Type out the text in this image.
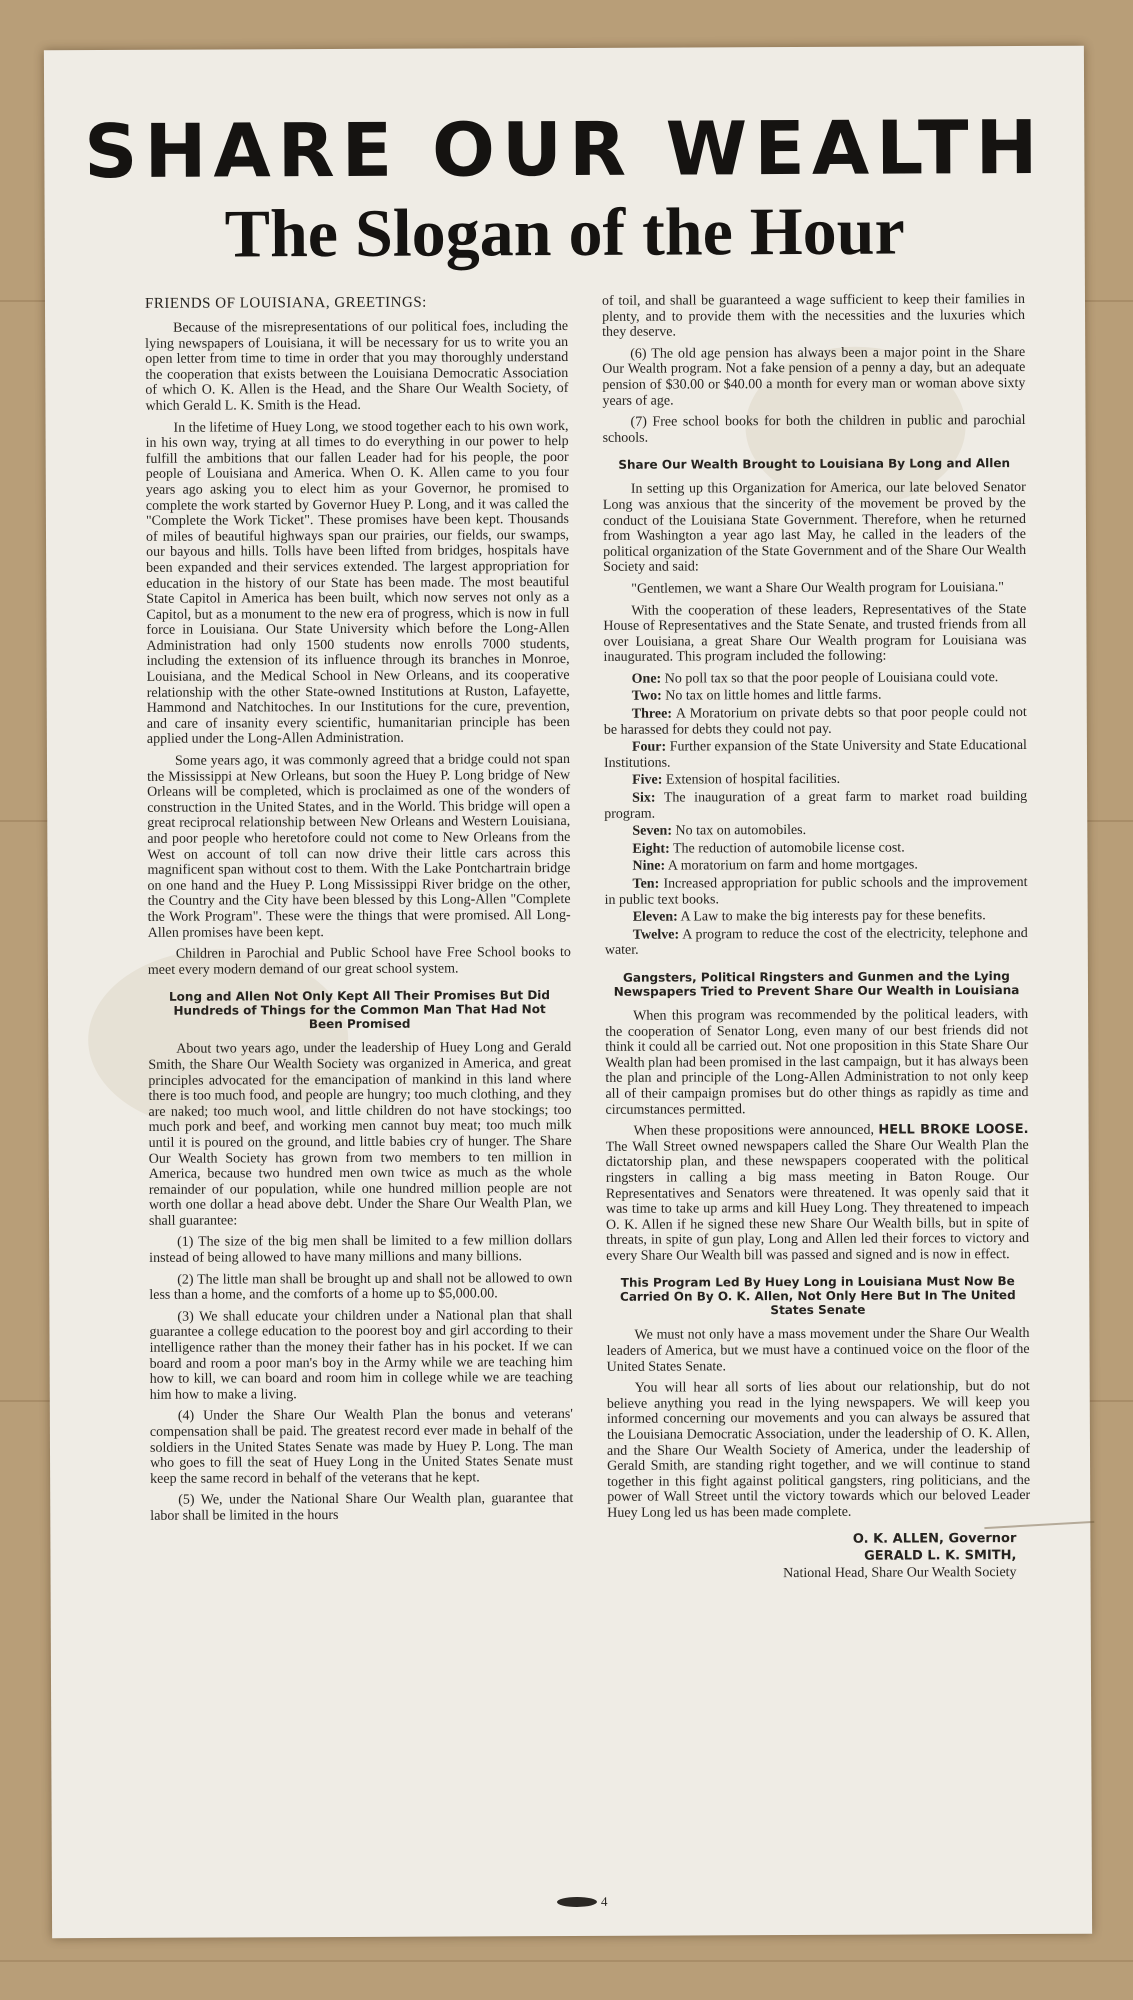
SHARE OUR WEALTH
The Slogan of the Hour
FRIENDS OF LOUISIANA, GREETINGS:

Because of the misrepresentations of our political foes, including the lying newspapers of Louisiana, it will be necessary for us to write you an open letter from time to time in order that you may thoroughly understand the cooperation that exists between the Louisiana Democratic Association of which O. K. Allen is the Head, and the Share Our Wealth Society, of which Gerald L. K. Smith is the Head.

In the lifetime of Huey Long, we stood together each to his own work, in his own way, trying at all times to do everything in our power to help fulfill the ambitions that our fallen Leader had for his people, the poor people of Louisiana and America. When O. K. Allen came to you four years ago asking you to elect him as your Governor, he promised to complete the work started by Governor Huey P. Long, and it was called the "Complete the Work Ticket". These promises have been kept. Thousands of miles of beautiful highways span our prairies, our fields, our swamps, our bayous and hills. Tolls have been lifted from bridges, hospitals have been expanded and their services extended. The largest appropriation for education in the history of our State has been made. The most beautiful State Capitol in America has been built, which now serves not only as a Capitol, but as a monument to the new era of progress, which is now in full force in Louisiana. Our State University which before the Long-Allen Administration had only 1500 students now enrolls 7000 students, including the extension of its influence through its branches in Monroe, Louisiana, and the Medical School in New Orleans, and its cooperative relationship with the other State-owned Institutions at Ruston, Lafayette, Hammond and Natchitoches. In our Institutions for the cure, prevention, and care of insanity every scientific, humanitarian principle has been applied under the Long-Allen Administration.

Some years ago, it was commonly agreed that a bridge could not span the Mississippi at New Orleans, but soon the Huey P. Long bridge of New Orleans will be completed, which is proclaimed as one of the wonders of construction in the United States, and in the World. This bridge will open a great reciprocal relationship between New Orleans and Western Louisiana, and poor people who heretofore could not come to New Orleans from the West on account of toll can now drive their little cars across this magnificent span without cost to them. With the Lake Pontchartrain bridge on one hand and the Huey P. Long Mississippi River bridge on the other, the Country and the City have been blessed by this Long-Allen "Complete the Work Program". These were the things that were promised. All Long-Allen promises have been kept.

Children in Parochial and Public School have Free School books to meet every modern demand of our great school system.

Long and Allen Not Only Kept All Their Promises But Did Hundreds of Things for the Common Man That Had Not Been Promised

About two years ago, under the leadership of Huey Long and Gerald Smith, the Share Our Wealth Society was organized in America, and great principles advocated for the emancipation of mankind in this land where there is too much food, and people are hungry; too much clothing, and they are naked; too much wool, and little children do not have stockings; too much pork and beef, and working men cannot buy meat; too much milk until it is poured on the ground, and little babies cry of hunger. The Share Our Wealth Society has grown from two members to ten million in America, because two hundred men own twice as much as the whole remainder of our population, while one hundred million people are not worth one dollar a head above debt. Under the Share Our Wealth Plan, we shall guarantee:

(1) The size of the big men shall be limited to a few million dollars instead of being allowed to have many millions and many billions.

(2) The little man shall be brought up and shall not be allowed to own less than a home, and the comforts of a home up to $5,000.00.

(3) We shall educate your children under a National plan that shall guarantee a college education to the poorest boy and girl according to their intelligence rather than the money their father has in his pocket. If we can board and room a poor man's boy in the Army while we are teaching him how to kill, we can board and room him in college while we are teaching him how to make a living.

(4) Under the Share Our Wealth Plan the bonus and veterans' compensation shall be paid. The greatest record ever made in behalf of the soldiers in the United States Senate was made by Huey P. Long. The man who goes to fill the seat of Huey Long in the United States Senate must keep the same record in behalf of the veterans that he kept.

(5) We, under the National Share Our Wealth plan, guarantee that labor shall be limited in the hours

of toil, and shall be guaranteed a wage sufficient to keep their families in plenty, and to provide them with the necessities and the luxuries which they deserve.

(6) The old age pension has always been a major point in the Share Our Wealth program. Not a fake pension of a penny a day, but an adequate pension of $30.00 or $40.00 a month for every man or woman above sixty years of age.

(7) Free school books for both the children in public and parochial schools.

Share Our Wealth Brought to Louisiana By Long and Allen

In setting up this Organization for America, our late beloved Senator Long was anxious that the sincerity of the movement be proved by the conduct of the Louisiana State Government. Therefore, when he returned from Washington a year ago last May, he called in the leaders of the political organization of the State Government and of the Share Our Wealth Society and said:

"Gentlemen, we want a Share Our Wealth program for Louisiana."

With the cooperation of these leaders, Representatives of the State House of Representatives and the State Senate, and trusted friends from all over Louisiana, a great Share Our Wealth program for Louisiana was inaugurated. This program included the following:

One: No poll tax so that the poor people of Louisiana could vote.

Two: No tax on little homes and little farms.

Three: A Moratorium on private debts so that poor people could not be harassed for debts they could not pay.

Four: Further expansion of the State University and State Educational Institutions.

Five: Extension of hospital facilities.

Six: The inauguration of a great farm to market road building program.

Seven: No tax on automobiles.

Eight: The reduction of automobile license cost.

Nine: A moratorium on farm and home mortgages.

Ten: Increased appropriation for public schools and the improvement in public text books.

Eleven: A Law to make the big interests pay for these benefits.

Twelve: A program to reduce the cost of the electricity, telephone and water.

Gangsters, Political Ringsters and Gunmen and the Lying Newspapers Tried to Prevent Share Our Wealth in Louisiana

When this program was recommended by the political leaders, with the cooperation of Senator Long, even many of our best friends did not think it could all be carried out. Not one proposition in this State Share Our Wealth plan had been promised in the last campaign, but it has always been the plan and principle of the Long-Allen Administration to not only keep all of their campaign promises but do other things as rapidly as time and circumstances permitted.

When these propositions were announced, HELL BROKE LOOSE. The Wall Street owned newspapers called the Share Our Wealth Plan the dictatorship plan, and these newspapers cooperated with the political ringsters in calling a big mass meeting in Baton Rouge. Our Representatives and Senators were threatened. It was openly said that it was time to take up arms and kill Huey Long. They threatened to impeach O. K. Allen if he signed these new Share Our Wealth bills, but in spite of threats, in spite of gun play, Long and Allen led their forces to victory and every Share Our Wealth bill was passed and signed and is now in effect.

This Program Led By Huey Long in Louisiana Must Now Be Carried On By O. K. Allen, Not Only Here But In The United States Senate

We must not only have a mass movement under the Share Our Wealth leaders of America, but we must have a continued voice on the floor of the United States Senate.

You will hear all sorts of lies about our relationship, but do not believe anything you read in the lying newspapers. We will keep you informed concerning our movements and you can always be assured that the Louisiana Democratic Association, under the leadership of O. K. Allen, and the Share Our Wealth Society of America, under the leadership of Gerald Smith, are standing right together, and we will continue to stand together in this fight against political gangsters, ring politicians, and the power of Wall Street until the victory towards which our beloved Leader Huey Long led us has been made complete.

O. K. ALLEN, Governor
GERALD L. K. SMITH,
National Head, Share Our Wealth Society
4
